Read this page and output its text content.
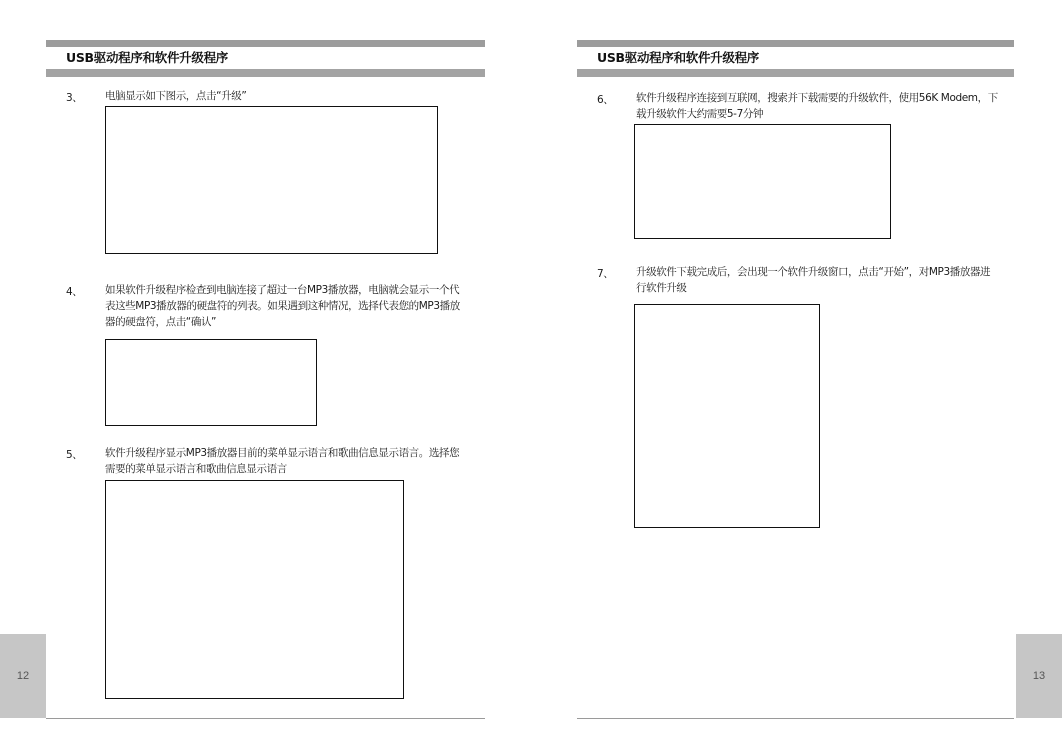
USB驱动程序和软件升级程序
3、 电脑显示如下图示，点击“升级”
4、 如果软件升级程序检查到电脑连接了超过一台MP3播放器，电脑就会显示一个代表这些MP3播放器的硬盘符的列表。如果遇到这种情况，选择代表您的MP3播放器的硬盘符，点击“确认”
5、 软件升级程序显示MP3播放器目前的菜单显示语言和歌曲信息显示语言。选择您需要的菜单显示语言和歌曲信息显示语言
12
USB驱动程序和软件升级程序
6、 软件升级程序连接到互联网，搜索并下载需要的升级软件，使用56K Modem，下载升级软件大约需要5-7分钟
7、 升级软件下载完成后，会出现一个软件升级窗口，点击“开始”，对MP3播放器进行软件升级
13
